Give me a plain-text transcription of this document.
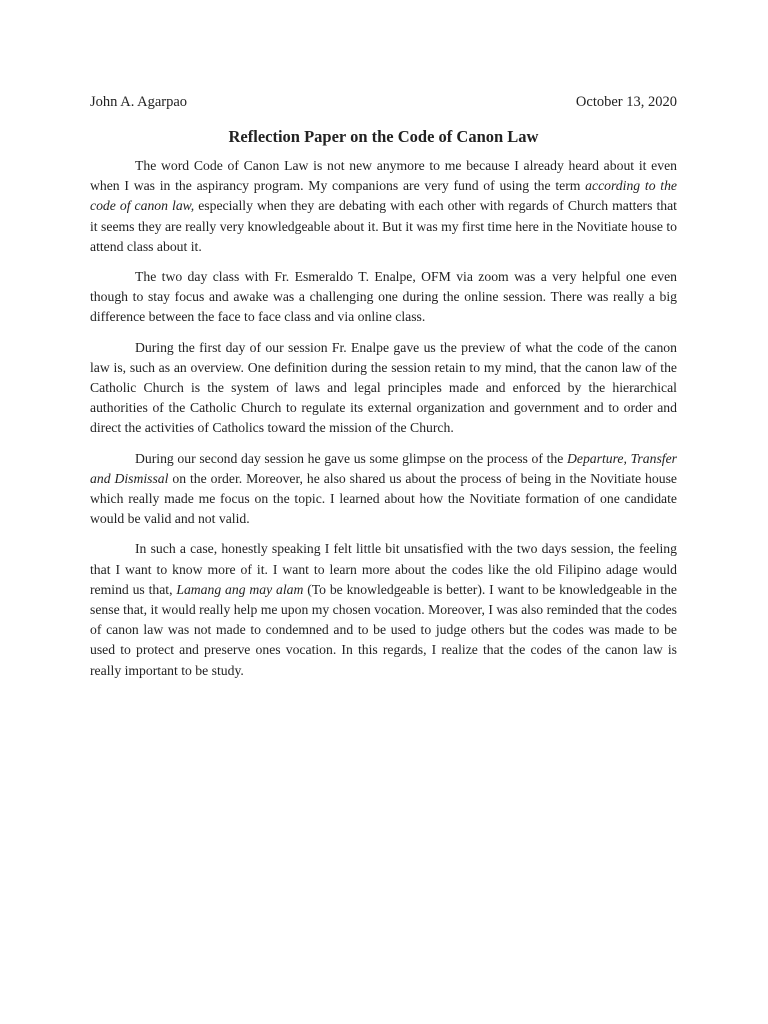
John A. Agarpao	October 13, 2020
Reflection Paper on the Code of Canon Law

The word Code of Canon Law is not new anymore to me because I already heard about it even when I was in the aspirancy program. My companions are very fund of using the term according to the code of canon law, especially when they are debating with each other with regards of Church matters that it seems they are really very knowledgeable about it. But it was my first time here in the Novitiate house to attend class about it.

The two day class with Fr. Esmeraldo T. Enalpe, OFM via zoom was a very helpful one even though to stay focus and awake was a challenging one during the online session. There was really a big difference between the face to face class and via online class.

During the first day of our session Fr. Enalpe gave us the preview of what the code of the canon law is, such as an overview. One definition during the session retain to my mind, that the canon law of the Catholic Church is the system of laws and legal principles made and enforced by the hierarchical authorities of the Catholic Church to regulate its external organization and government and to order and direct the activities of Catholics toward the mission of the Church.

During our second day session he gave us some glimpse on the process of the Departure, Transfer and Dismissal on the order. Moreover, he also shared us about the process of being in the Novitiate house which really made me focus on the topic. I learned about how the Novitiate formation of one candidate would be valid and not valid.

In such a case, honestly speaking I felt little bit unsatisfied with the two days session, the feeling that I want to know more of it. I want to learn more about the codes like the old Filipino adage would remind us that, Lamang ang may alam (To be knowledgeable is better). I want to be knowledgeable in the sense that, it would really help me upon my chosen vocation. Moreover, I was also reminded that the codes of canon law was not made to condemned and to be used to judge others but the codes was made to be used to protect and preserve ones vocation. In this regards, I realize that the codes of the canon law is really important to be study.
